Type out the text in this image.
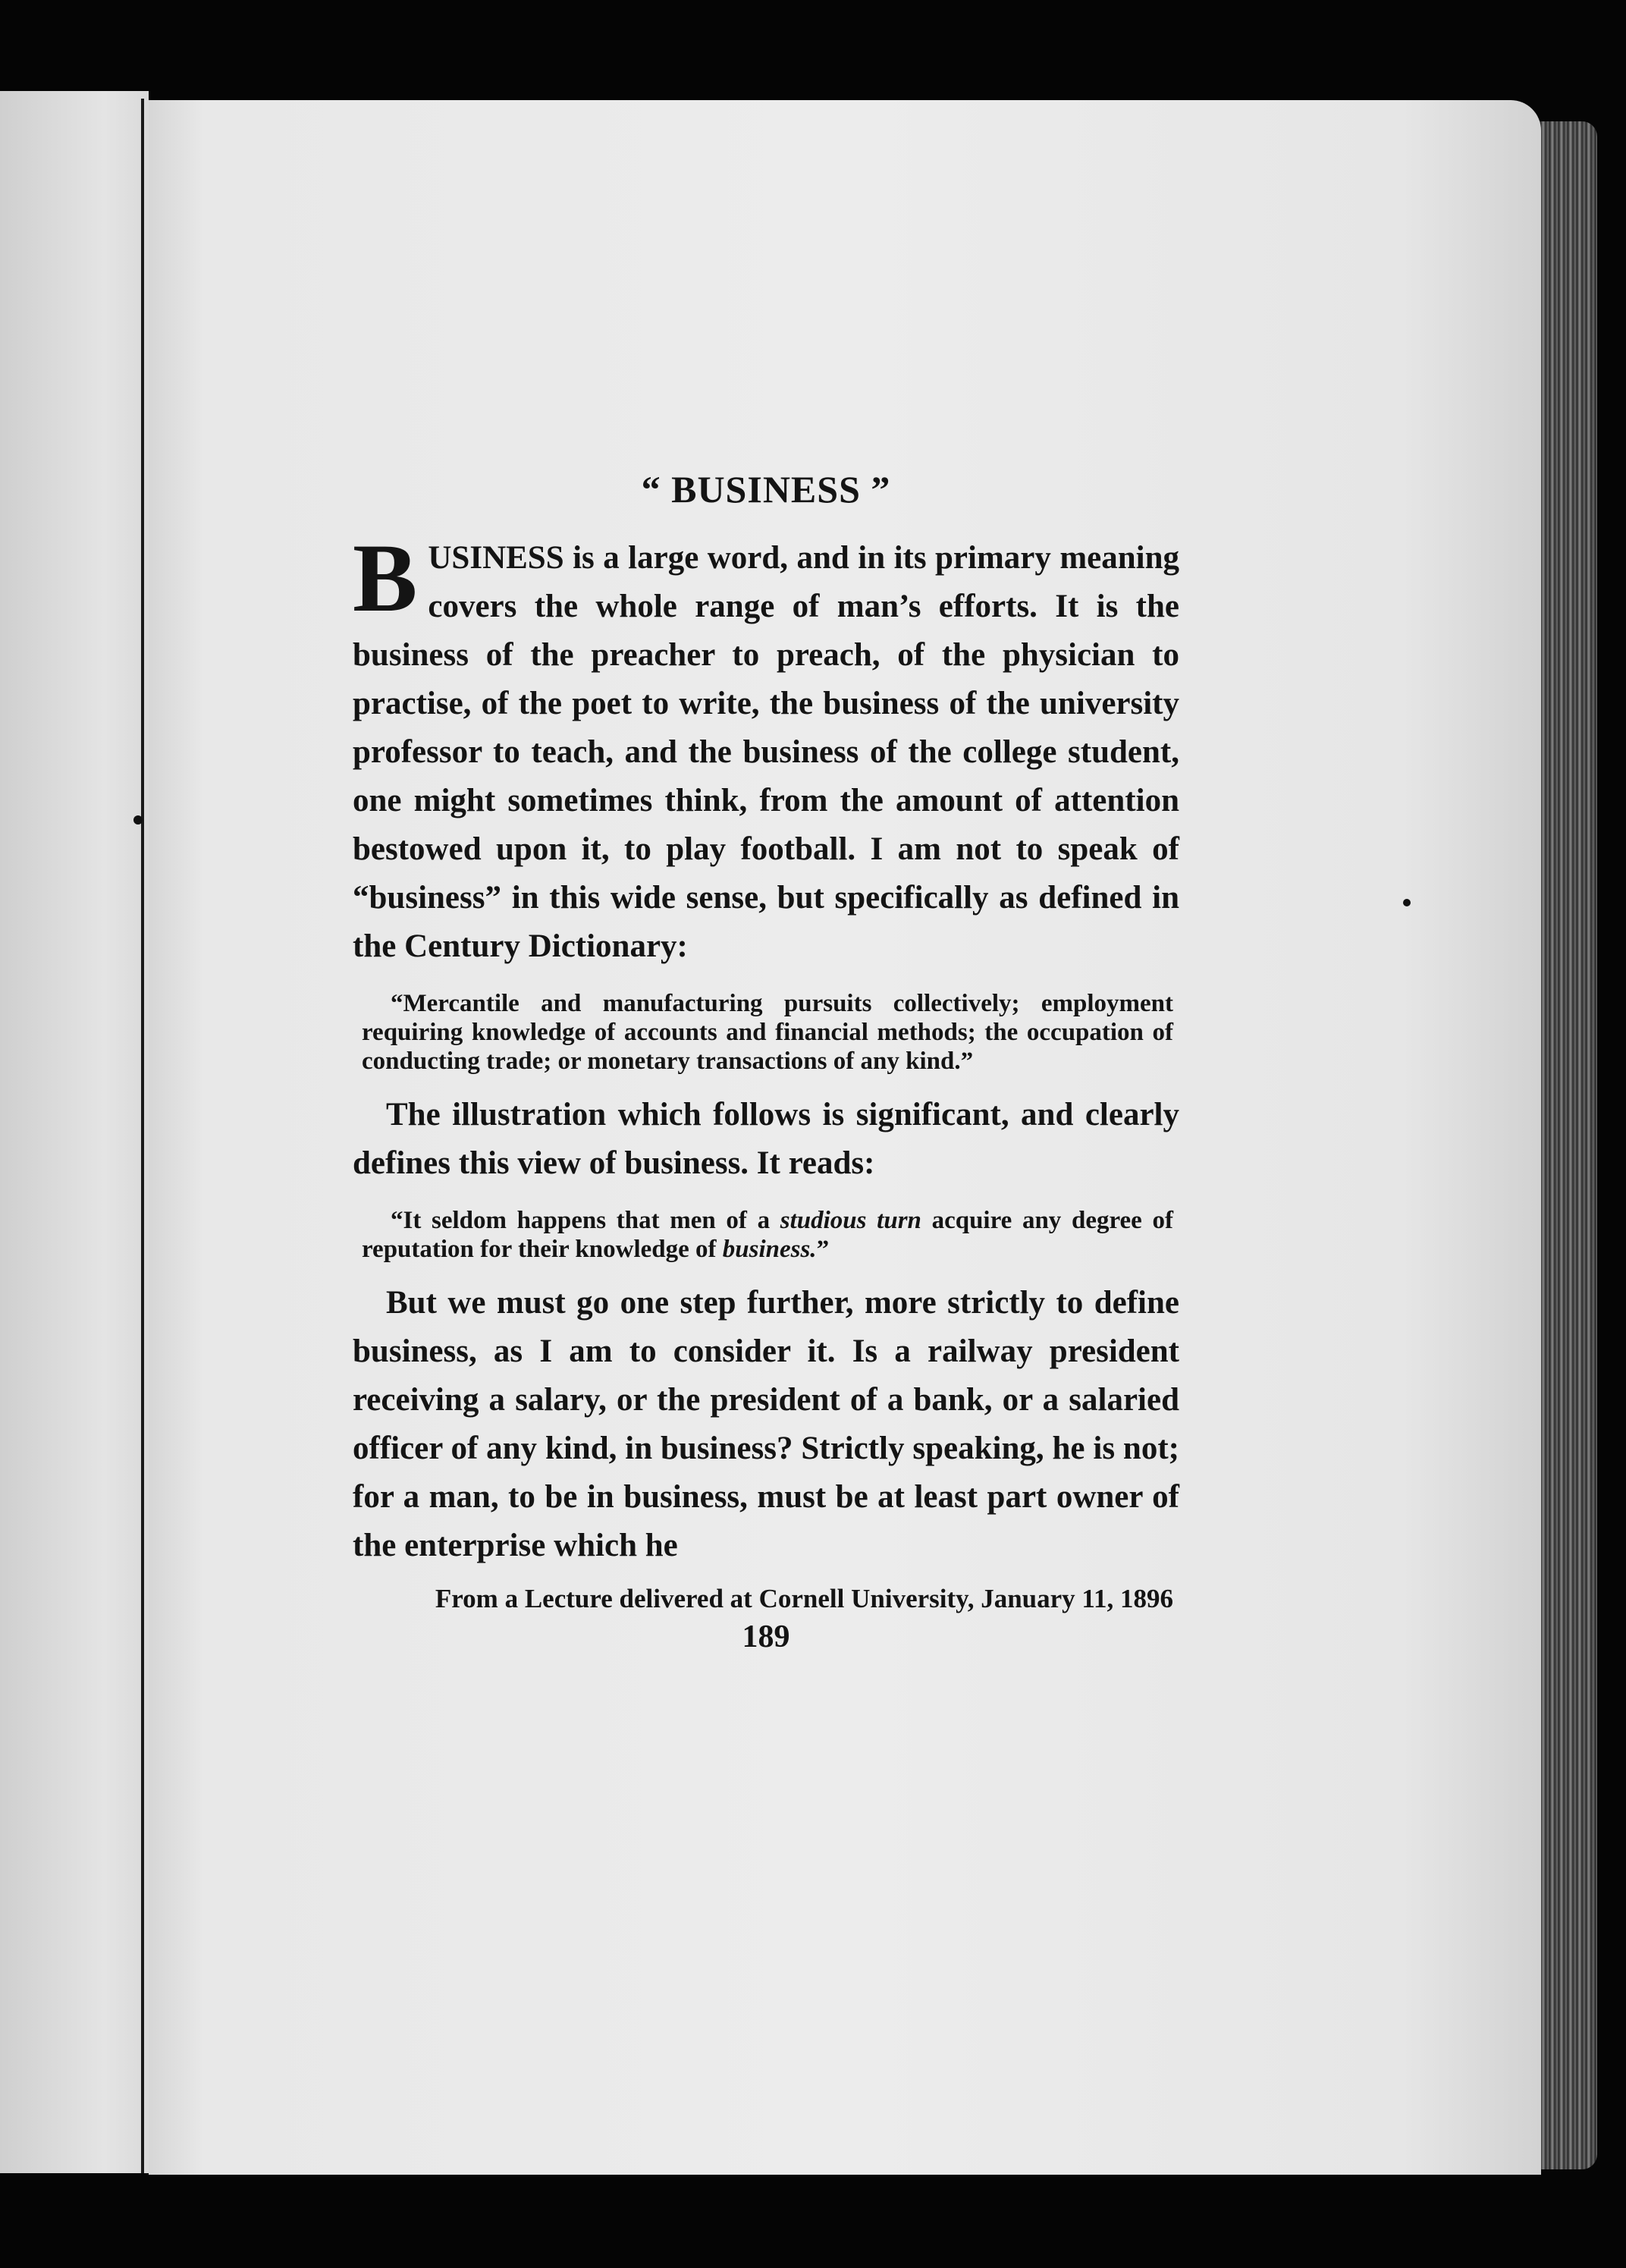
“ BUSINESS ”

BUSINESS is a large word, and in its primary meaning covers the whole range of man’s efforts. It is the business of the preacher to preach, of the physician to practise, of the poet to write, the business of the university professor to teach, and the business of the college student, one might sometimes think, from the amount of attention bestowed upon it, to play football. I am not to speak of “business” in this wide sense, but specifically as defined in the Century Dictionary:

“Mercantile and manufacturing pursuits collectively; employment requiring knowledge of accounts and financial methods; the occupation of conducting trade; or monetary transactions of any kind.”

The illustration which follows is significant, and clearly defines this view of business. It reads:

“It seldom happens that men of a studious turn acquire any degree of reputation for their knowledge of business.”

But we must go one step further, more strictly to define business, as I am to consider it. Is a railway president receiving a salary, or the president of a bank, or a salaried officer of any kind, in business? Strictly speaking, he is not; for a man, to be in business, must be at least part owner of the enterprise which he

From a Lecture delivered at Cornell University, January 11, 1896
189
